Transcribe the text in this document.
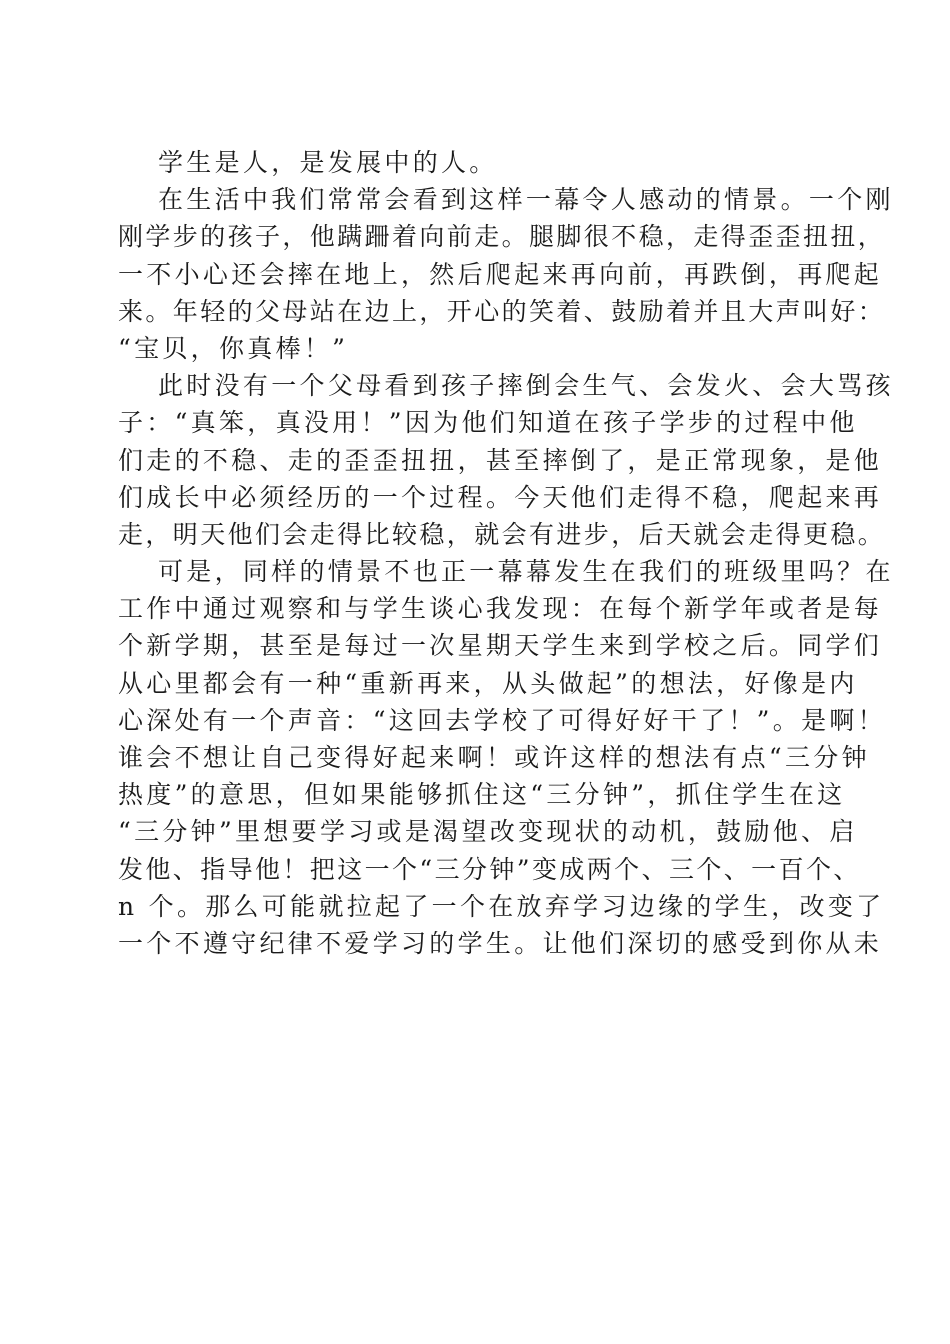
学生是人，是发展中的人。
在生活中我们常常会看到这样一幕令人感动的情景。一个刚
刚学步的孩子，他蹒跚着向前走。腿脚很不稳，走得歪歪扭扭，
一不小心还会摔在地上，然后爬起来再向前，再跌倒，再爬起
来。年轻的父母站在边上，开心的笑着、鼓励着并且大声叫好：
“宝贝，你真棒！”
此时没有一个父母看到孩子摔倒会生气、会发火、会大骂孩
子：“真笨，真没用！”因为他们知道在孩子学步的过程中他
们走的不稳、走的歪歪扭扭，甚至摔倒了，是正常现象，是他
们成长中必须经历的一个过程。今天他们走得不稳，爬起来再
走，明天他们会走得比较稳，就会有进步，后天就会走得更稳。
可是，同样的情景不也正一幕幕发生在我们的班级里吗？在
工作中通过观察和与学生谈心我发现：在每个新学年或者是每
个新学期，甚至是每过一次星期天学生来到学校之后。同学们
从心里都会有一种“重新再来，从头做起”的想法，好像是内
心深处有一个声音：“这回去学校了可得好好干了！”。是啊！
谁会不想让自己变得好起来啊！或许这样的想法有点“三分钟
热度”的意思，但如果能够抓住这“三分钟”，抓住学生在这
“三分钟”里想要学习或是渴望改变现状的动机，鼓励他、启
发他、指导他！把这一个“三分钟”变成两个、三个、一百个、
n 个。那么可能就拉起了一个在放弃学习边缘的学生，改变了
一个不遵守纪律不爱学习的学生。让他们深切的感受到你从未
